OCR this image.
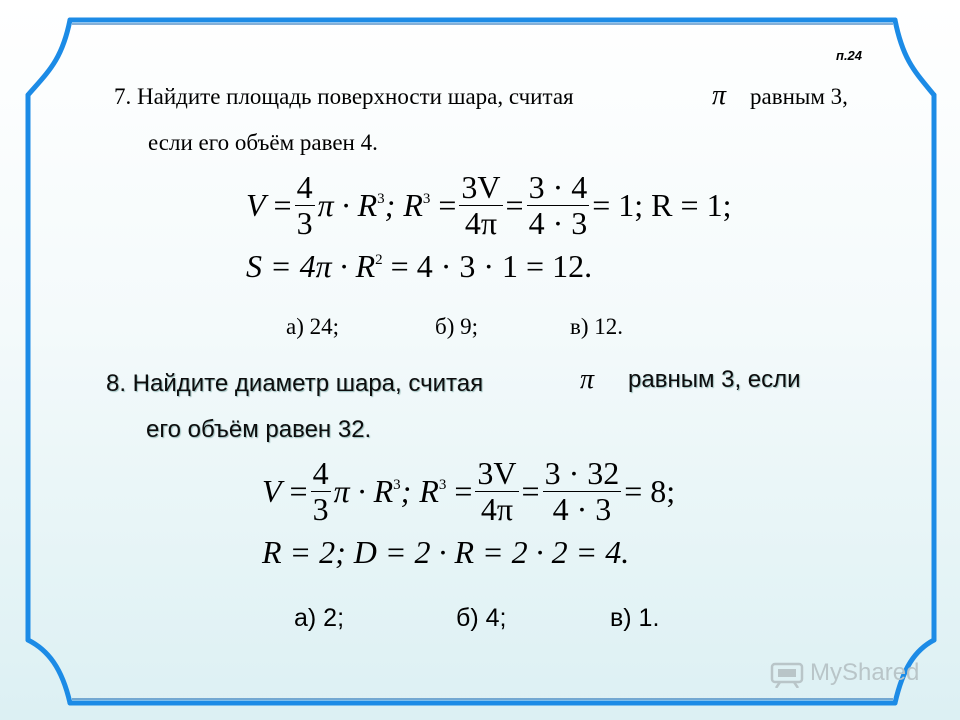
п.24
7. Найдите площадь поверхности шара, считая	π равным 3,
если его объём равен 4.
V
= $\frac{4}{3}$ $\pi \cdot R^3$ ; $R^3$
= $\frac{3V}{4\pi} = \frac{3 \cdot 4}{4 \cdot 3} = 1$; R = 1;
$S = 4\pi \cdot R^2$
= 4 · 3 · 1 = 12.
а) 24;	б) 9;	в) 12.
8. Найдите диаметр шара, считая	π равным 3, если
его объём равен 32.
V
= $\frac{4}{3}$ $\pi \cdot R^3$ ; $R^3$
= $\frac{3V}{4\pi} = \frac{3 \cdot 32}{4 \cdot 3} = 8$;
R = 2; D = 2 · R = 2 · 2 = 4.
а) 2;	б) 4;	в) 1.
MyShared
